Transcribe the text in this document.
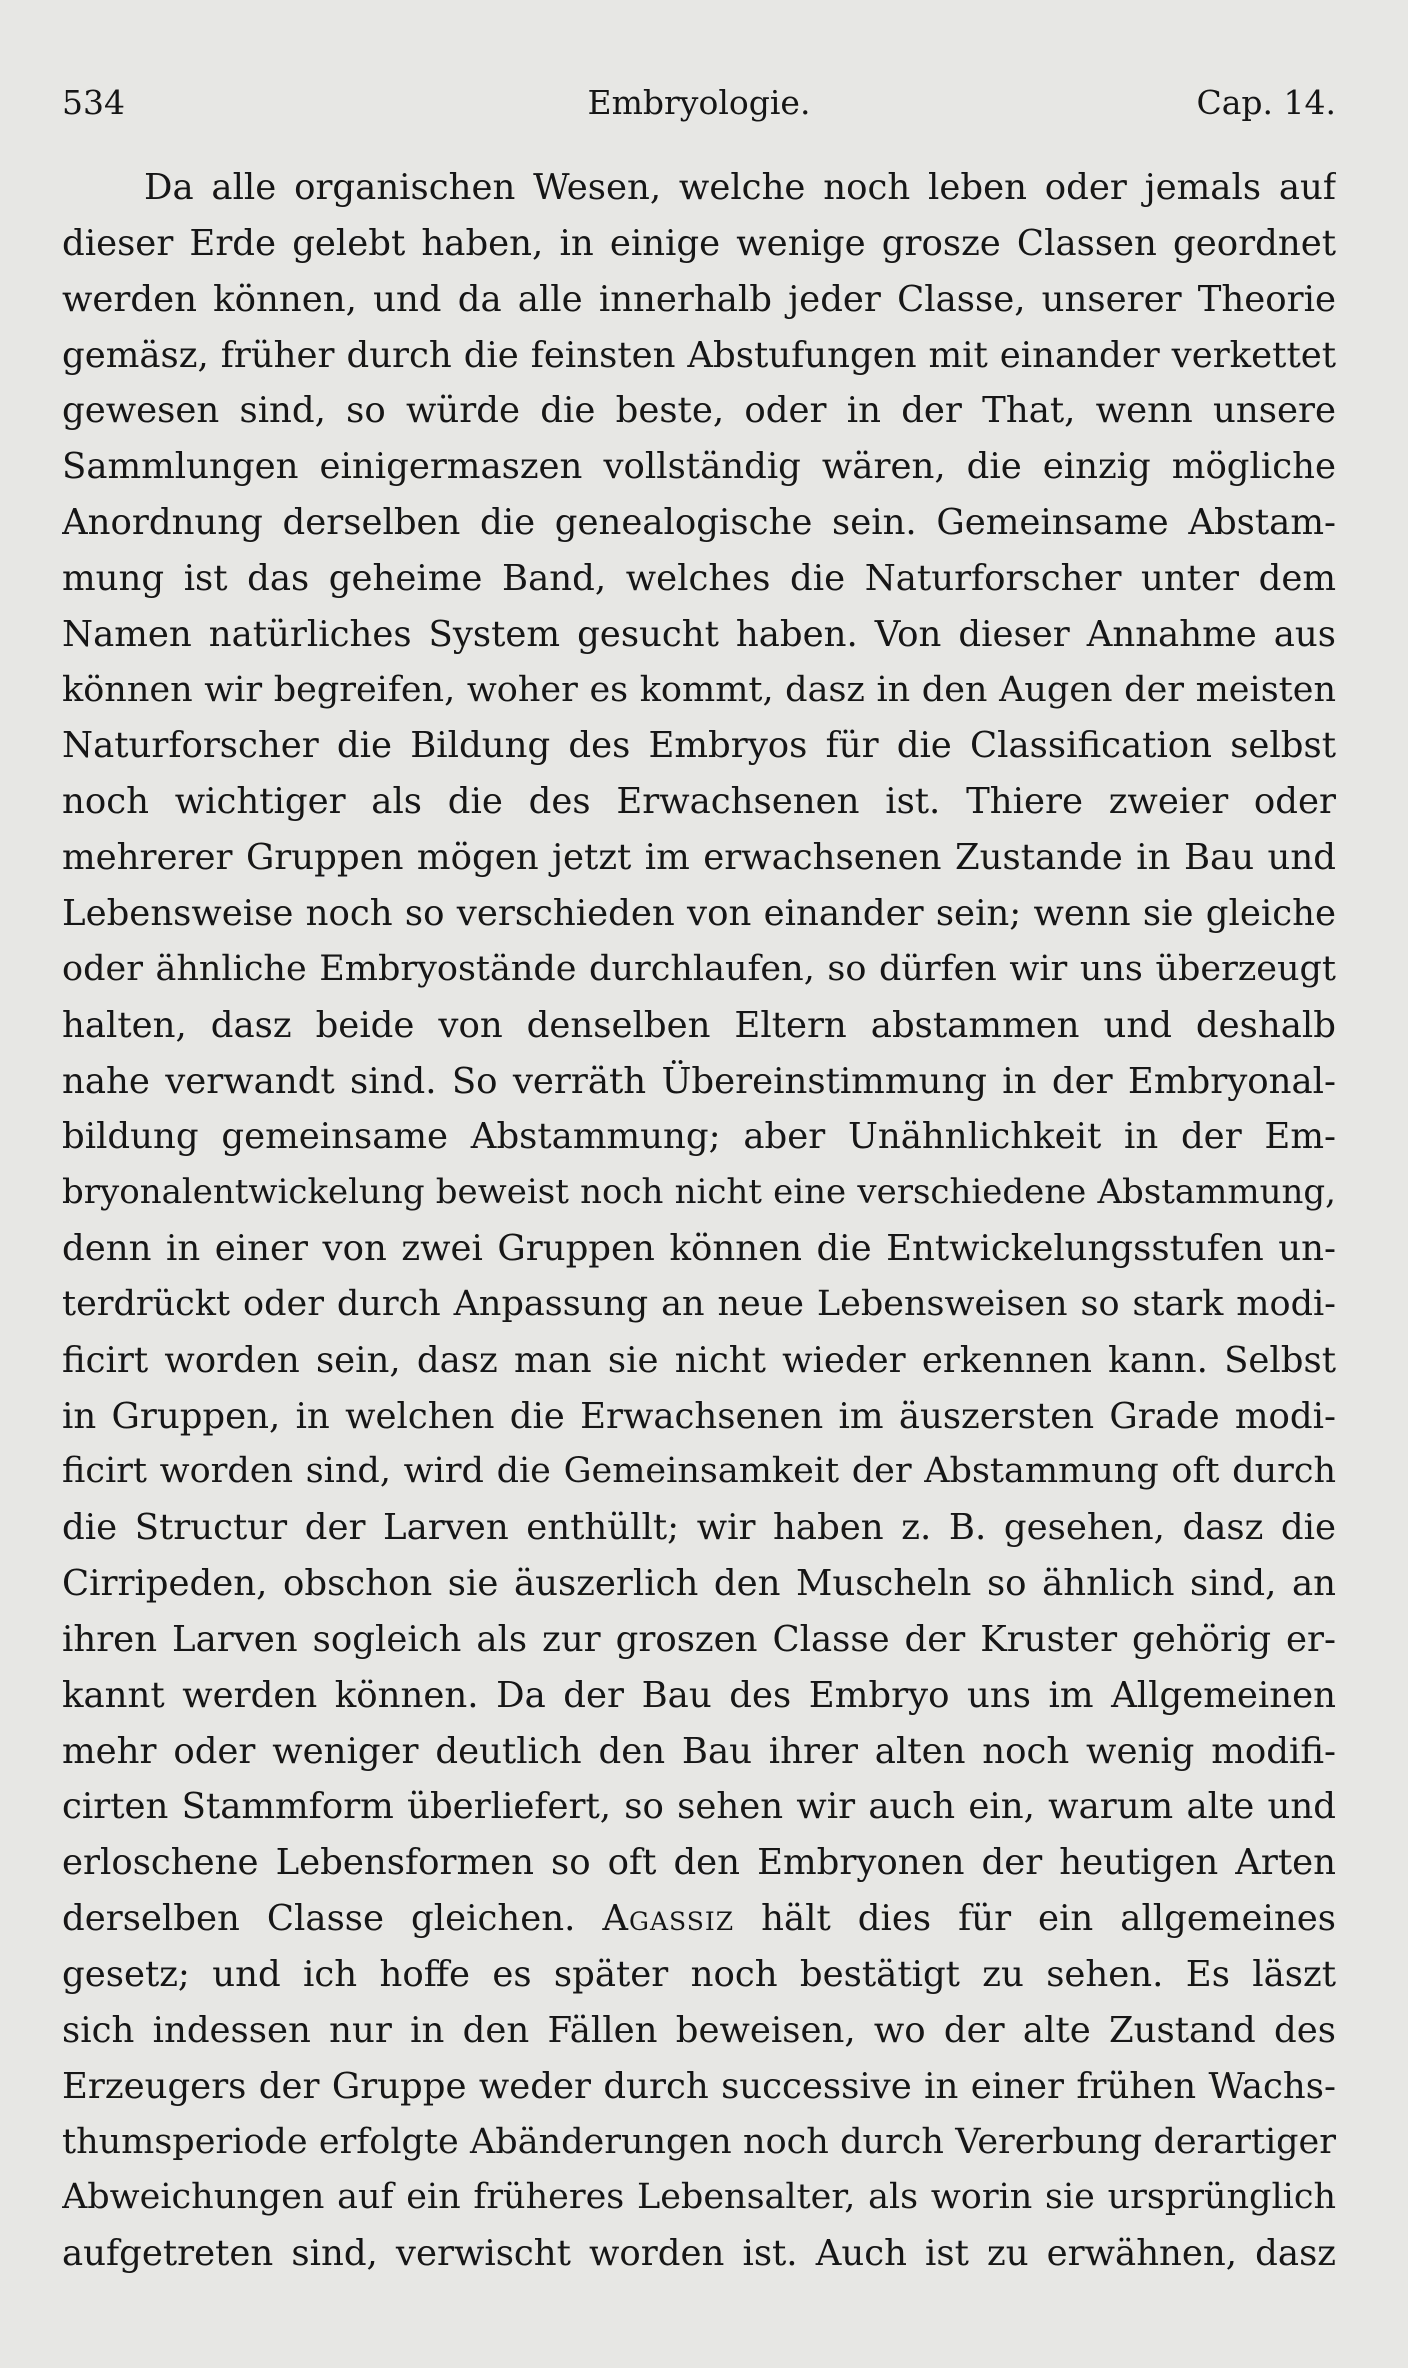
534	Embryologie.	Cap. 14.
Da alle organischen Wesen, welche noch leben oder jemals auf
dieser Erde gelebt haben, in einige wenige grosze Classen geordnet
werden können, und da alle innerhalb jeder Classe, unserer Theorie
gemäsz, früher durch die feinsten Abstufungen mit einander verkettet
gewesen sind, so würde die beste, oder in der That, wenn unsere
Sammlungen einigermaszen vollständig wären, die einzig mögliche
Anordnung derselben die genealogische sein. Gemeinsame Abstam-
mung ist das geheime Band, welches die Naturforscher unter dem
Namen natürliches System gesucht haben. Von dieser Annahme aus
können wir begreifen, woher es kommt, dasz in den Augen der meisten
Naturforscher die Bildung des Embryos für die Classification selbst
noch wichtiger als die des Erwachsenen ist. Thiere zweier oder
mehrerer Gruppen mögen jetzt im erwachsenen Zustande in Bau und
Lebensweise noch so verschieden von einander sein; wenn sie gleiche
oder ähnliche Embryostände durchlaufen, so dürfen wir uns überzeugt
halten, dasz beide von denselben Eltern abstammen und deshalb
nahe verwandt sind. So verräth Übereinstimmung in der Embryonal-
bildung gemeinsame Abstammung; aber Unähnlichkeit in der Em-
bryonalentwickelung beweist noch nicht eine verschiedene Abstammung,
denn in einer von zwei Gruppen können die Entwickelungsstufen un-
terdrückt oder durch Anpassung an neue Lebensweisen so stark modi-
ficirt worden sein, dasz man sie nicht wieder erkennen kann. Selbst
in Gruppen, in welchen die Erwachsenen im äuszersten Grade modi-
ficirt worden sind, wird die Gemeinsamkeit der Abstammung oft durch
die Structur der Larven enthüllt; wir haben z. B. gesehen, dasz die
Cirripeden, obschon sie äuszerlich den Muscheln so ähnlich sind, an
ihren Larven sogleich als zur groszen Classe der Kruster gehörig er-
kannt werden können. Da der Bau des Embryo uns im Allgemeinen
mehr oder weniger deutlich den Bau ihrer alten noch wenig modifi-
cirten Stammform überliefert, so sehen wir auch ein, warum alte und
erloschene Lebensformen so oft den Embryonen der heutigen Arten
derselben Classe gleichen. Agassiz hält dies für ein allgemeines
gesetz; und ich hoffe es später noch bestätigt zu sehen. Es läszt
sich indessen nur in den Fällen beweisen, wo der alte Zustand des
Erzeugers der Gruppe weder durch successive in einer frühen Wachs-
thumsperiode erfolgte Abänderungen noch durch Vererbung derartiger
Abweichungen auf ein früheres Lebensalter, als worin sie ursprünglich
aufgetreten sind, verwischt worden ist. Auch ist zu erwähnen, dasz
